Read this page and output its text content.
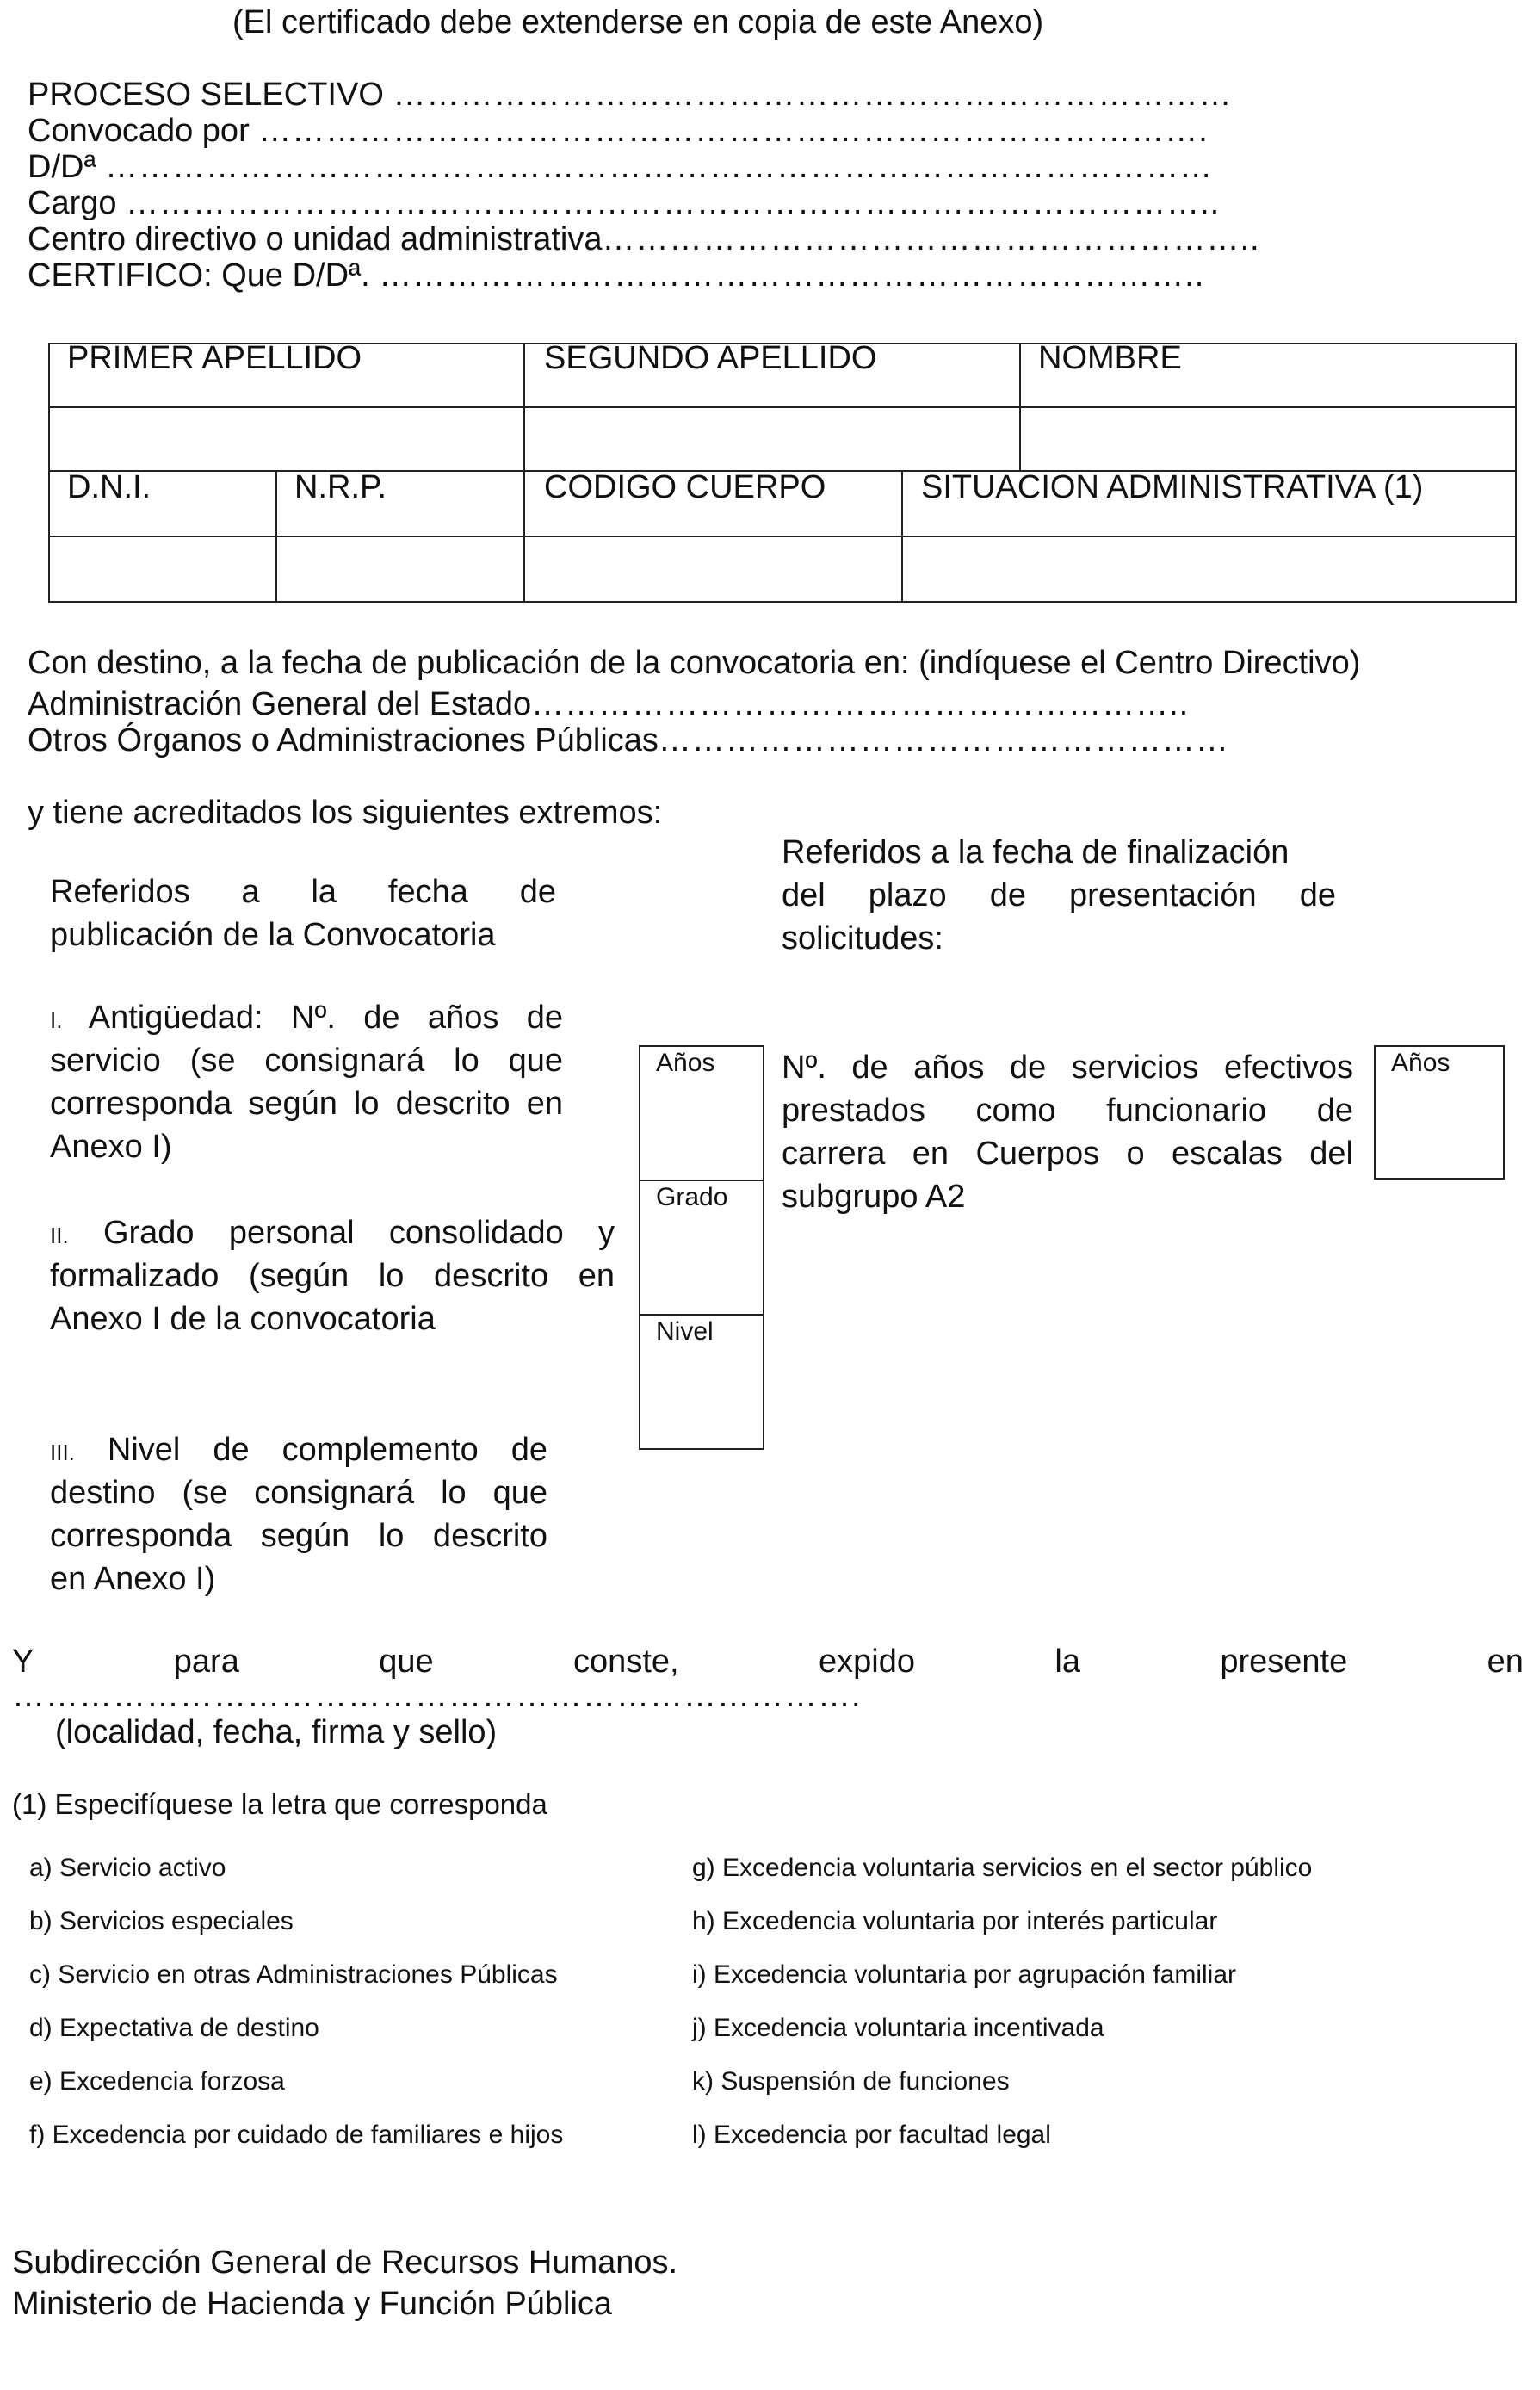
(El certificado debe extenderse en copia de este Anexo)
PROCESO SELECTIVO …………………………………………………………………
Convocado por ………………………………………………………………………….
D/Dª ………………………………………………………………………………………
Cargo ……………………………………………………………………………………..
Centro directivo o unidad administrativa…………………………………………………..
CERTIFICO: Que D/Dª. ………………………………………………………………..
PRIMER APELLIDO	SEGUNDO APELLIDO	NOMBRE
D.N.I.	N.R.P.	CODIGO CUERPO	SITUACION ADMINISTRATIVA (1)
Con destino, a la fecha de publicación de la convocatoria en: (indíquese el Centro Directivo)
Administración General del Estado…………………………………………………..
Otros Órganos o Administraciones Públicas……………………………………………
y tiene acreditados los siguientes extremos:
Referidos a la fecha de
publicación de la Convocatoria
Referidos a la fecha de finalización
del plazo de presentación de
solicitudes:
I. Antigüedad: Nº. de años de
servicio (se consignará lo que
corresponda según lo descrito en
Anexo I)
II. Grado personal consolidado y
formalizado (según lo descrito en
Anexo I de la convocatoria
III. Nivel de complemento de
destino (se consignará lo que
corresponda según lo descrito
en Anexo I)
Años
Grado
Nivel
Nº. de años de servicios efectivos
prestados como funcionario de
carrera en Cuerpos o escalas del
subgrupo A2
Años
Y	para	que	conste,	expido	la	presente	en
………………………………………………………………….
(localidad, fecha, firma y sello)
(1) Especifíquese la letra que corresponda
a) Servicio activo
b) Servicios especiales
c) Servicio en otras Administraciones Públicas
d) Expectativa de destino
e) Excedencia forzosa
f) Excedencia por cuidado de familiares e hijos
g) Excedencia voluntaria servicios en el sector público
h) Excedencia voluntaria por interés particular
i) Excedencia voluntaria por agrupación familiar
j) Excedencia voluntaria incentivada
k) Suspensión de funciones
l) Excedencia por facultad legal
Subdirección General de Recursos Humanos.
Ministerio de Hacienda y Función Pública
